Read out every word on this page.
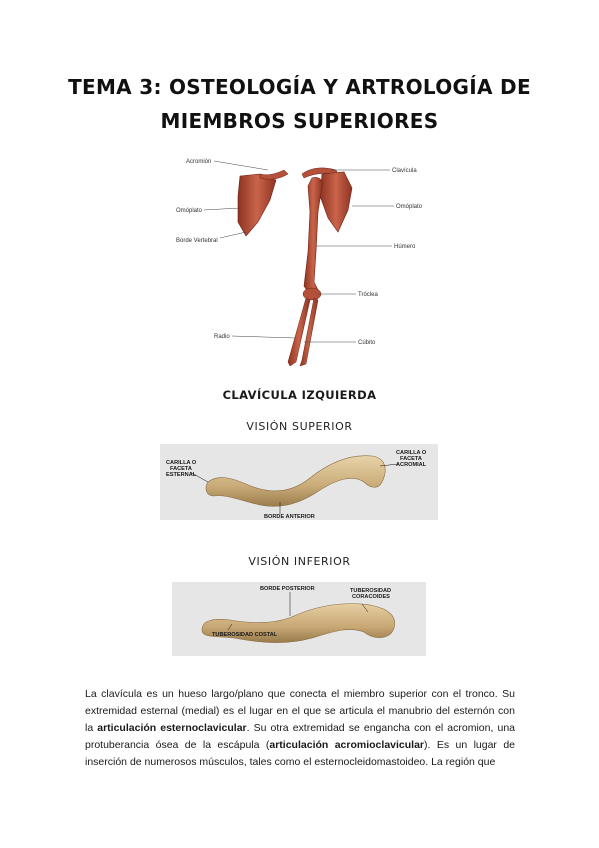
TEMA 3: OSTEOLOGÍA Y ARTROLOGÍA DE
MIEMBROS SUPERIORES
Acromión
Clavícula
Omóplato
Omóplato
Borde Vertebral
Húmero
Tróclea
Radio
Cúbito
CLAVÍCULA IZQUIERDA
VISIÓN SUPERIOR
CARILLA O
FACETA
ESTERNAL
CARILLA O
FACETA
ACROMIAL
BORDE ANTERIOR
VISIÓN INFERIOR
BORDE POSTERIOR	TUBEROSIDAD
CORACOIDES
TUBEROSIDAD COSTAL
La clavícula es un hueso largo/plano que conecta el miembro superior con el tronco. Su extremidad esternal (medial) es el lugar en el que se articula el manubrio del esternón con la articulación esternoclavicular. Su otra extremidad se engancha con el acromion, una protuberancia ósea de la escápula (articulación acromioclavicular). Es un lugar de inserción de numerosos músculos, tales como el esternocleidomastoideo. La región que
